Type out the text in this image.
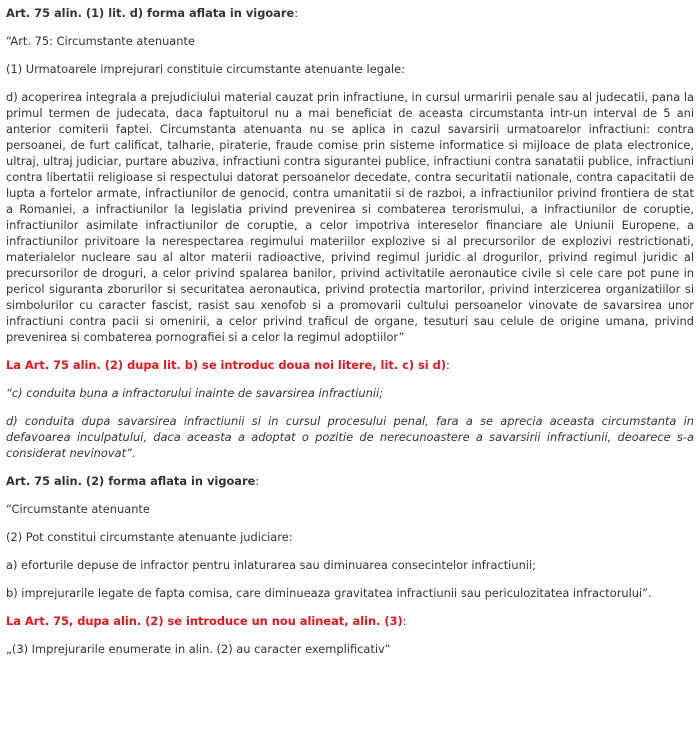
Art. 75 alin. (1) lit. d) forma aflata in vigoare:

“Art. 75: Circumstante atenuante

(1) Urmatoarele imprejurari constituie circumstante atenuante legale:

d) acoperirea integrala a prejudiciului material cauzat prin infractiune, in cursul urmaririi penale sau al judecatii, pana la primul termen de judecata, daca faptuitorul nu a mai beneficiat de aceasta circumstanta intr-un interval de 5 ani anterior comiterii faptei. Circumstanta atenuanta nu se aplica in cazul savarsirii urmatoarelor infractiuni: contra persoanei, de furt calificat, talharie, piraterie, fraude comise prin sisteme informatice si mijloace de plata electronice, ultraj, ultraj judiciar, purtare abuziva, infractiuni contra sigurantei publice, infractiuni contra sanatatii publice, infractiuni contra libertatii religioase si respectului datorat persoanelor decedate, contra securitatii nationale, contra capacitatii de lupta a fortelor armate, infractiunilor de genocid, contra umanitatii si de razboi, a infractiunilor privind frontiera de stat a Romaniei, a infractiunilor la legislatia privind prevenirea si combaterea terorismului, a infractiunilor de coruptie, infractiunilor asimilate infractiunilor de coruptie, a celor impotriva intereselor financiare ale Uniunii Europene, a infractiunilor privitoare la nerespectarea regimului materiilor explozive si al precursorilor de explozivi restrictionati, materialelor nucleare sau al altor materii radioactive, privind regimul juridic al drogurilor, privind regimul juridic al precursorilor de droguri, a celor privind spalarea banilor, privind activitatile aeronautice civile si cele care pot pune in pericol siguranta zborurilor si securitatea aeronautica, privind protectia martorilor, privind interzicerea organizatiilor si simbolurilor cu caracter fascist, rasist sau xenofob si a promovarii cultului persoanelor vinovate de savarsirea unor infractiuni contra pacii si omenirii, a celor privind traficul de organe, tesuturi sau celule de origine umana, privind prevenirea si combaterea pornografiei si a celor la regimul adoptiilor”

La Art. 75 alin. (2) dupa lit. b) se introduc doua noi litere, lit. c) si d):

“c) conduita buna a infractorului inainte de savarsirea infractiunii;

d) conduita dupa savarsirea infractiunii si in cursul procesului penal, fara a se aprecia aceasta circumstanta in defavoarea inculpatului, daca aceasta a adoptat o pozitie de nerecunoastere a savarsirii infractiunii, deoarece s-a considerat nevinovat”.

Art. 75 alin. (2) forma aflata in vigoare:

“Circumstante atenuante

(2) Pot constitui circumstante atenuante judiciare:

a) eforturile depuse de infractor pentru inlaturarea sau diminuarea consecintelor infractiunii;

b) imprejurarile legate de fapta comisa, care diminueaza gravitatea infractiunii sau periculozitatea infractorului”.

La Art. 75, dupa alin. (2) se introduce un nou alineat, alin. (3):

„(3) Imprejurarile enumerate in alin. (2) au caracter exemplificativ”
